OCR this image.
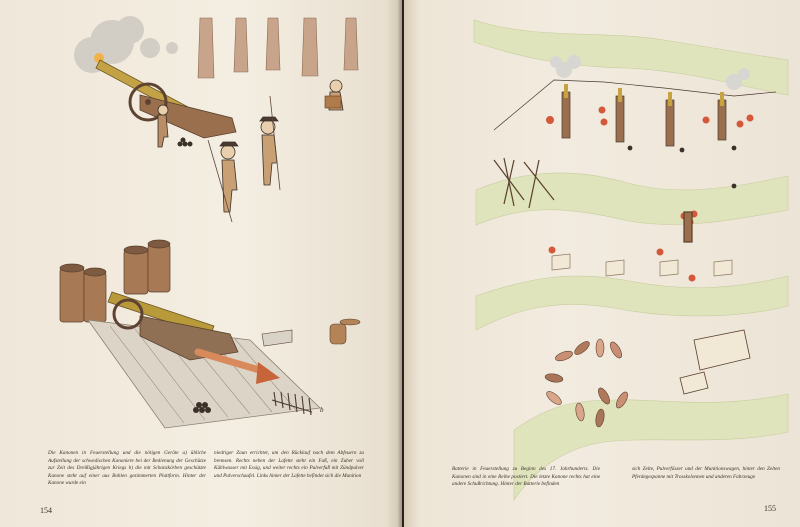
b

Die Kanonen in Feuerstellung und die nötigen Geräte a) übliche Aufstellung der schwedischen Kanoniere bei der Bedienung der Geschütze zur Zeit des Dreißigjährigen Kriegs b) die mit Schanzkörben geschützte Kanone steht auf einer aus Bohlen gezimmerten Plattform. Hinter der Kanone wurde ein

niedriger Zaun errichtet, um den Rücklauf nach dem Abfeuern zu bremsen. Rechts neben der Lafette steht ein Faß, ein Zuber voll Kühlwasser mit Essig, und weiter rechts ein Pulverfuß mit Zündpulver und Pulverschaufel. Links hinter der Lafette befindet sich die Munition

154

Batterie in Feuerstellung zu Beginn des 17. Jahrhunderts. Die Kanonen sind in eine Reihe postiert. Die letzte Kanone rechts hat eine andere Schußrichtung. Hinter der Batterie befinden

sich Zelte, Pulverfässer und der Munitionswagen, hinter den Zelten Pferdegespanne mit Trosskolonnen und anderen Fahrzeuge

155
